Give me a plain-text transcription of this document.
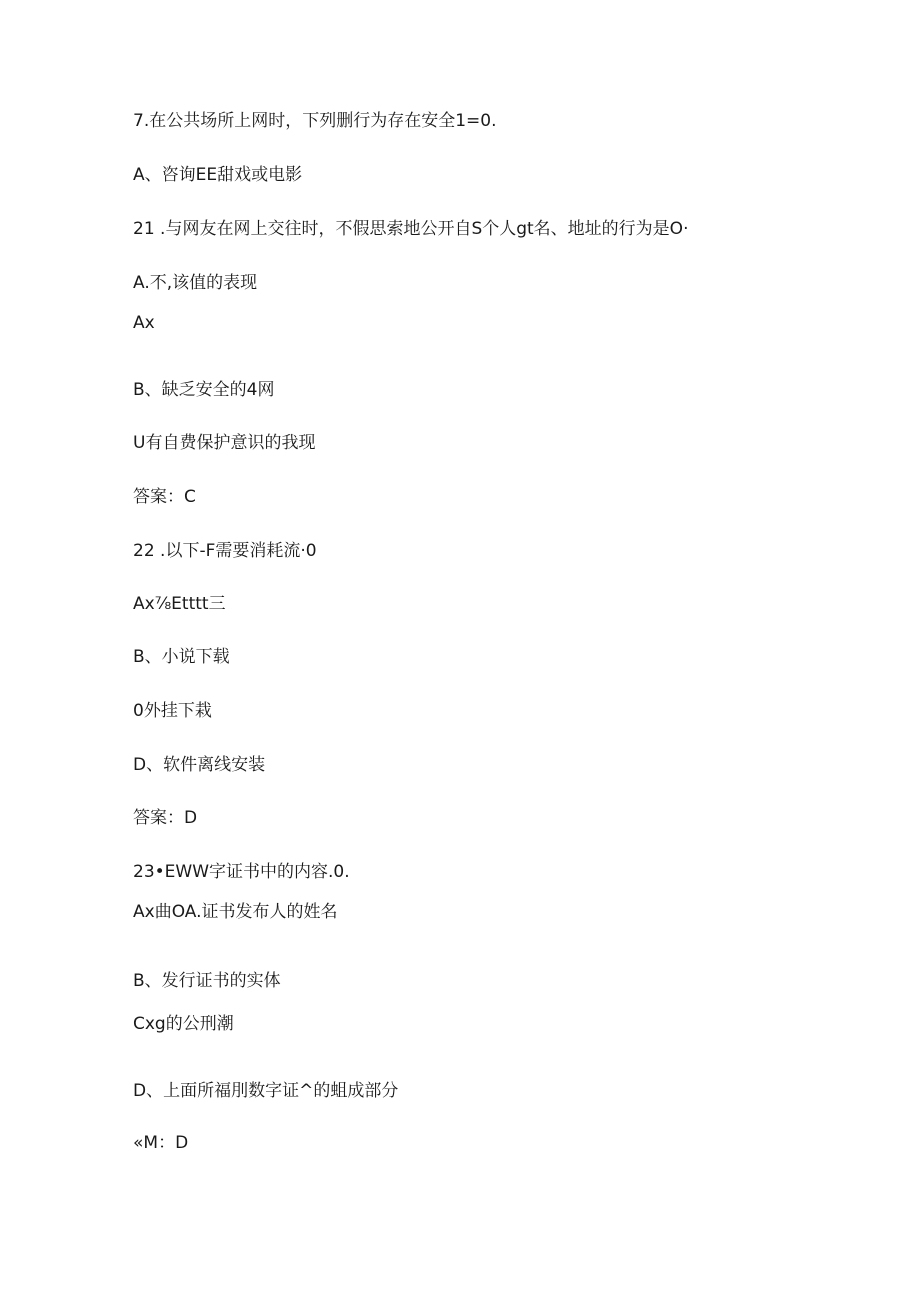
7.在公共场所上网时，下列删行为存在安全1=0.

A、咨询EE甜戏或电影

21 .与网友在网上交往时，不假思索地公开自S个人gt名、地址的行为是O·

A.不,该值的表现

Ax

B、缺乏安全的4网

U有自费保护意识的我现

答案：C

22 .以下-F需要消耗流·0

Ax⅞Etttt三

B、小说下载

0外挂下栽

D、软件离线安装

答案：D

23•EWW字证书中的内容.0.

Ax曲OA.证书发布人的姓名

B、发行证书的实体

Cxg的公刑潮

D、上面所福刖数字证^的蛆成部分

«M：D
